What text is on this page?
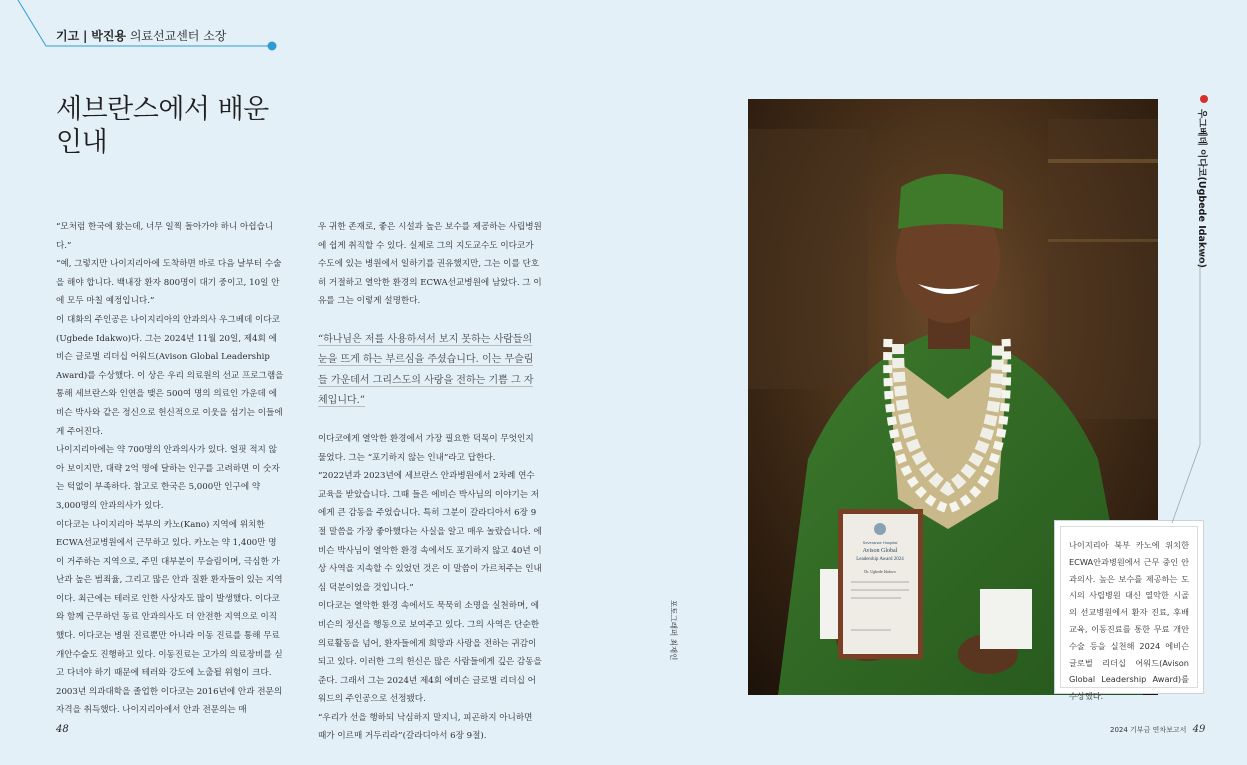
기고 | 박진용 의료선교센터 소장
세브란스에서 배운
인내

“모처럼 한국에 왔는데, 너무 일찍 돌아가야 하니 아쉽습니다.”

“예, 그렇지만 나이지리아에 도착하면 바로 다음 날부터 수술을 해야 합니다. 백내장 환자 800명이 대기 중이고, 10일 안에 모두 마칠 예정입니다.”

이 대화의 주인공은 나이지리아의 안과의사 우그베데 이다코(Ugbede Idakwo)다. 그는 2024년 11월 20일, 제4회 에비슨 글로벌 리더십 어워드(Avison Global Leadership Award)를 수상했다. 이 상은 우리 의료원의 선교 프로그램을 통해 세브란스와 인연을 맺은 500여 명의 의료인 가운데 에비슨 박사와 같은 정신으로 헌신적으로 이웃을 섬기는 이들에게 주어진다.

나이지리아에는 약 700명의 안과의사가 있다. 얼핏 적지 않아 보이지만, 대략 2억 명에 달하는 인구를 고려하면 이 숫자는 턱없이 부족하다. 참고로 한국은 5,000만 인구에 약 3,000명의 안과의사가 있다.

이다코는 나이지리아 북부의 카노(Kano) 지역에 위치한 ECWA선교병원에서 근무하고 있다. 카노는 약 1,400만 명이 거주하는 지역으로, 주민 대부분이 무슬림이며, 극심한 가난과 높은 범죄율, 그리고 많은 안과 질환 환자들이 있는 지역이다. 최근에는 테러로 인한 사상자도 많이 발생했다. 이다코와 함께 근무하던 동료 안과의사도 더 안전한 지역으로 이직했다. 이다코는 병원 진료뿐만 아니라 이동 진료를 통해 무료 개안수술도 진행하고 있다. 이동진료는 고가의 의료장비를 싣고 다녀야 하기 때문에 테러와 강도에 노출될 위험이 크다.

2003년 의과대학을 졸업한 이다코는 2016년에 안과 전문의 자격을 취득했다. 나이지리아에서 안과 전문의는 매

우 귀한 존재로, 좋은 시설과 높은 보수를 제공하는 사립병원에 쉽게 취직할 수 있다. 실제로 그의 지도교수도 이다코가 수도에 있는 병원에서 일하기를 권유했지만, 그는 이를 단호히 거절하고 열악한 환경의 ECWA선교병원에 남았다. 그 이유를 그는 이렇게 설명한다.

“하나님은 저를 사용하셔서 보지 못하는 사람들의 눈을 뜨게 하는 부르심을 주셨습니다. 이는 무슬림들 가운데서 그리스도의 사랑을 전하는 기쁨 그 자체입니다.”

이다코에게 열악한 환경에서 가장 필요한 덕목이 무엇인지 물었다. 그는 “포기하지 않는 인내”라고 답한다.

“2022년과 2023년에 세브란스 안과병원에서 2차례 연수 교육을 받았습니다. 그때 들은 에비슨 박사님의 이야기는 저에게 큰 감동을 주었습니다. 특히 그분이 갈라디아서 6장 9절 말씀을 가장 좋아했다는 사실을 알고 매우 놀랐습니다. 에비슨 박사님이 열악한 환경 속에서도 포기하지 않고 40년 이상 사역을 지속할 수 있었던 것은 이 말씀이 가르쳐주는 인내심 덕분이었을 것입니다.”

이다코는 열악한 환경 속에서도 묵묵히 소명을 실천하며, 에비슨의 정신을 행동으로 보여주고 있다. 그의 사역은 단순한 의료활동을 넘어, 환자들에게 희망과 사랑을 전하는 귀감이 되고 있다. 이러한 그의 헌신은 많은 사람들에게 깊은 감동을 준다. 그래서 그는 2024년 제4회 에비슨 글로벌 리더십 어워드의 주인공으로 선정됐다.

“우리가 선을 행하되 낙심하지 말지니, 피곤하지 아니하면 때가 이르매 거두리라”(갈라디아서 6장 9절).

포토그래퍼 최재인
Severance Hospital
Avison Global
Leadership Award 2024
Dr. Ugbede Idakwo
나이지리아 북부 카노에 위치한 ECWA안과병원에서 근무 중인 안과의사. 높은 보수를 제공하는 도시의 사립병원 대신 열악한 시골의 선교병원에서 환자 진료, 후배 교육, 이동진료를 통한 무료 개안수술 등을 실천해 2024 에비슨 글로벌 리더십 어워드(Avison Global Leadership Award)를 수상했다.
우그베데 이다코(Ugbede Idakwo)
48	2024 기부금 연차보고서 49
